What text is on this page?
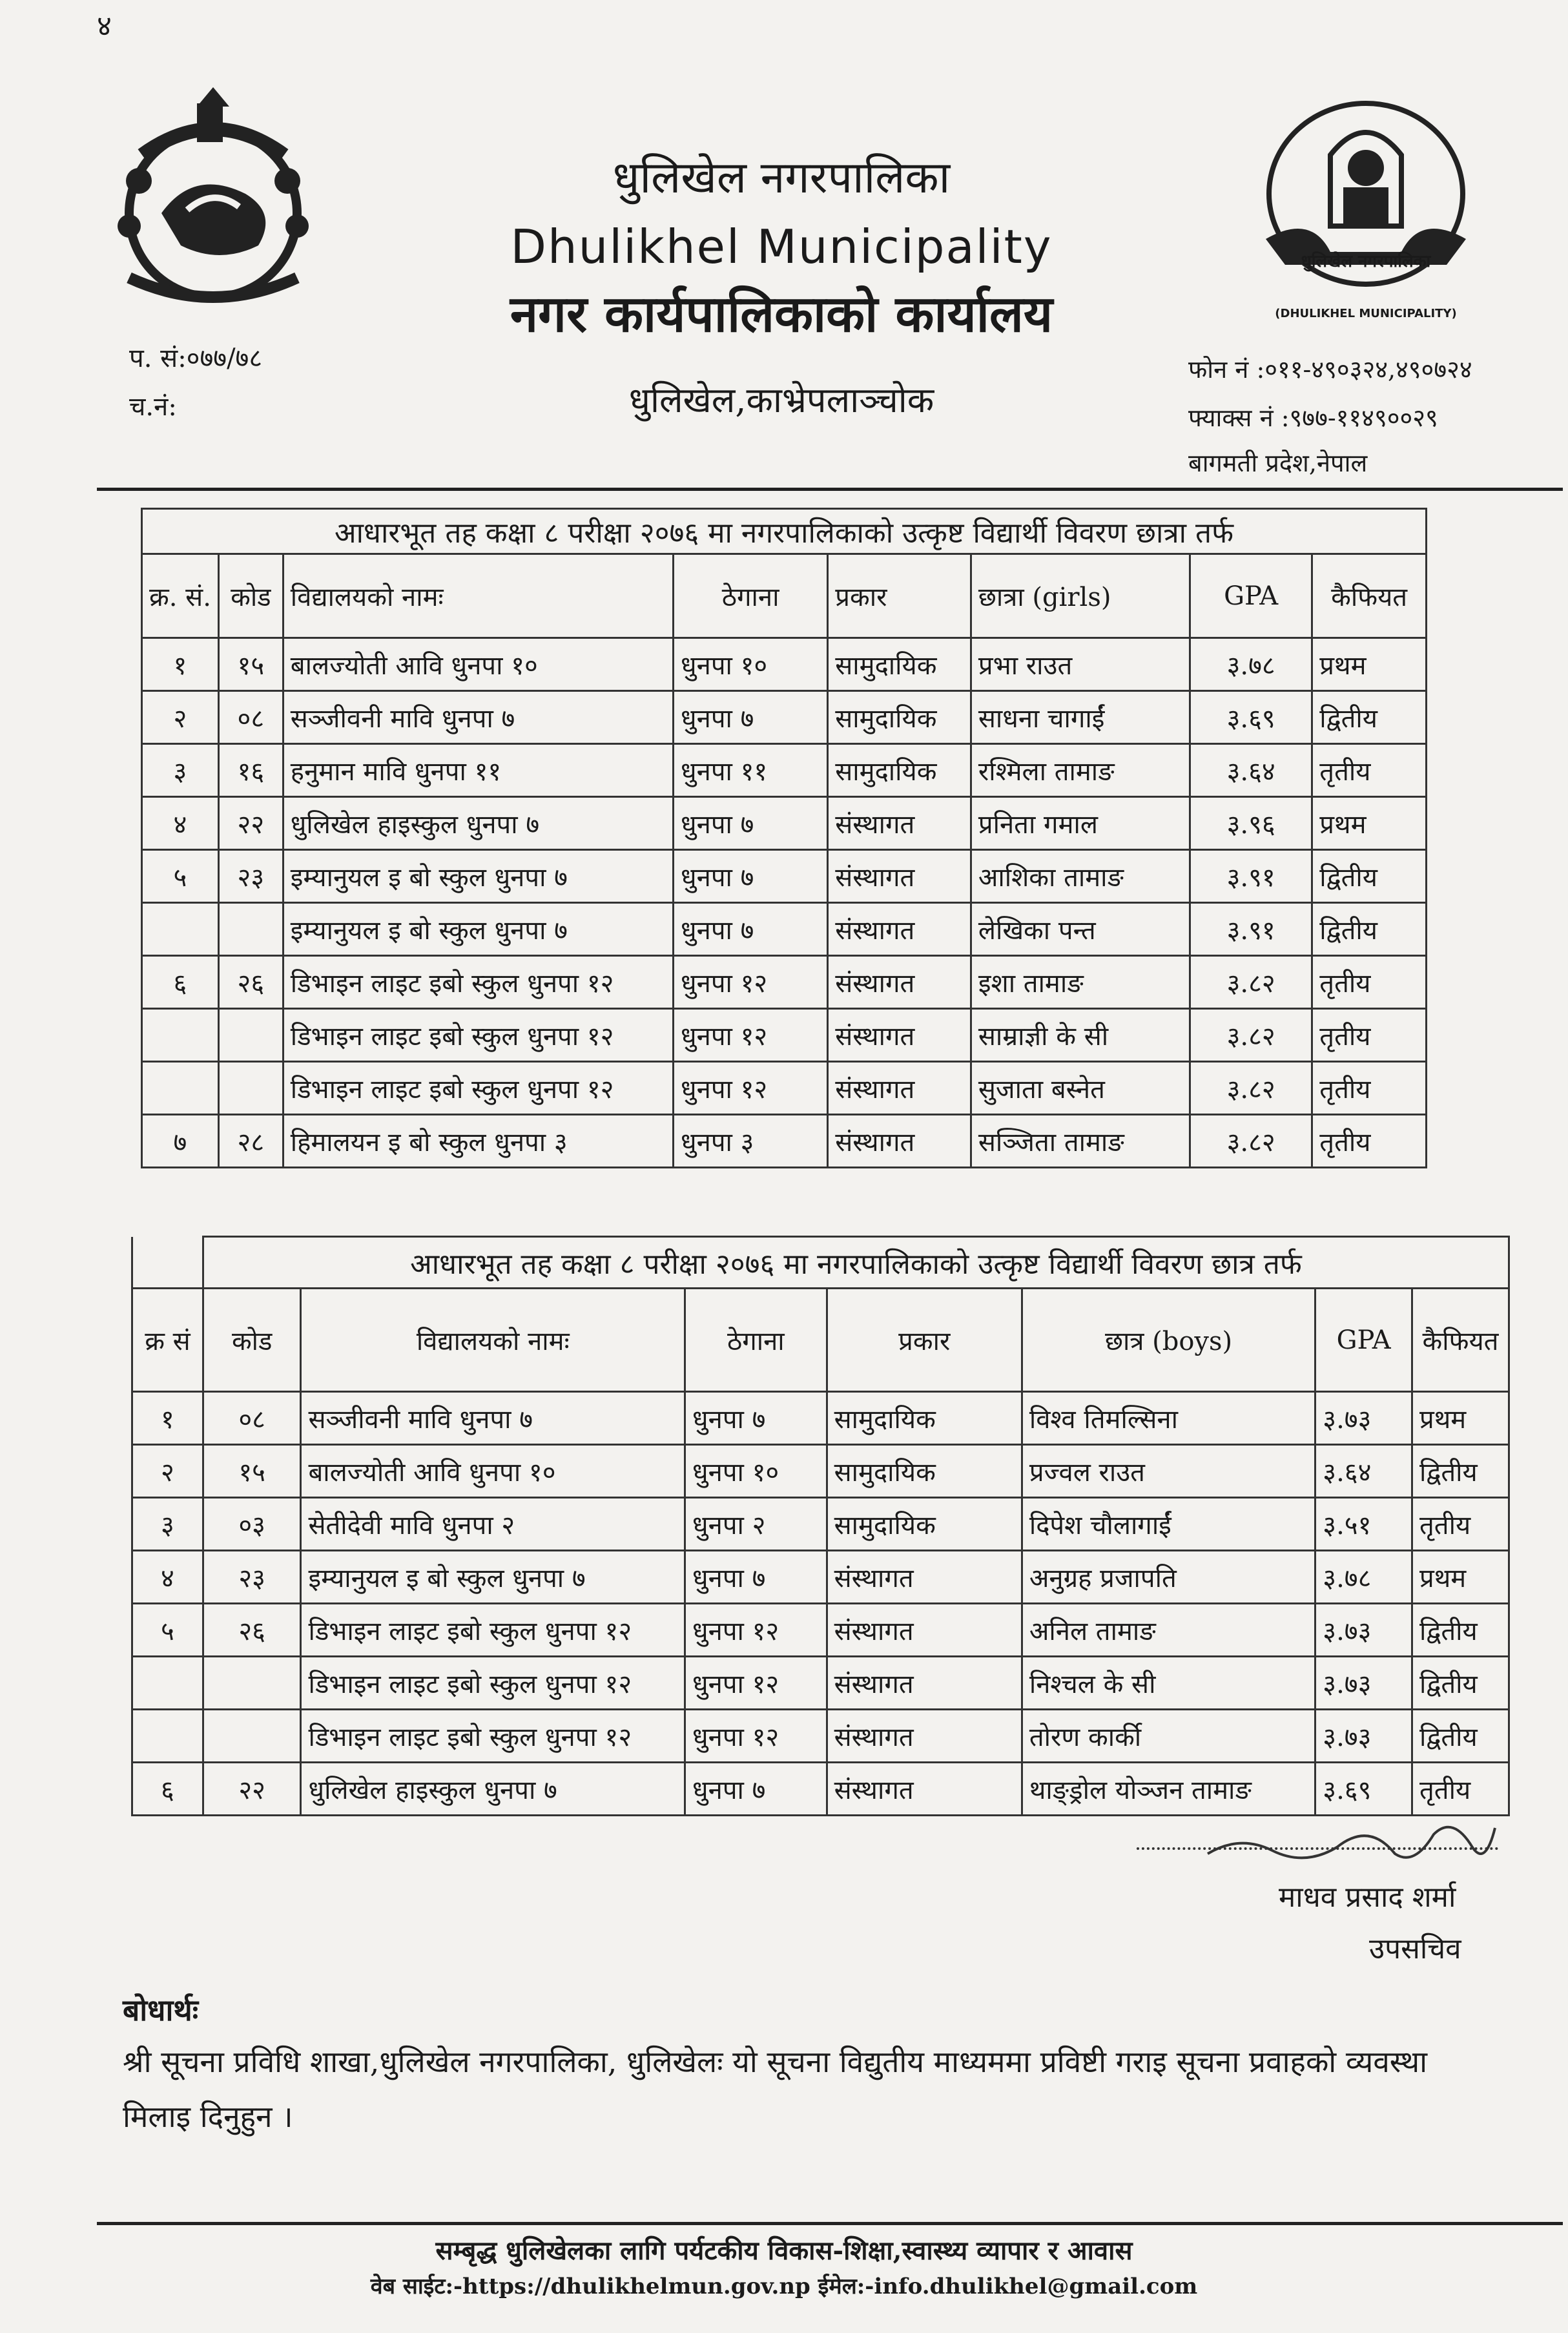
४
धुलिखेल नगरपालिका
(DHULIKHEL MUNICIPALITY)
धुलिखेल नगरपालिका
Dhulikhel Municipality
नगर कार्यपालिकाको कार्यालय
धुलिखेल,काभ्रेपलाञ्चोक
प. सं:०७७/७८
च.नं:
फोन नं :०११-४९०३२४,४९०७२४
फ्याक्स नं :९७७-११४९००२९
बागमती प्रदेश,नेपाल
आधारभूत तह कक्षा ८ परीक्षा २०७६ मा नगरपालिकाको उत्कृष्ट विद्यार्थी विवरण छात्रा तर्फ							
क्र. सं.	कोड	विद्यालयको नामः	ठेगाना	प्रकार	छात्रा (girls)	GPA	कैफियत
१	१५	बालज्योती आवि धुनपा १०	धुनपा १०	सामुदायिक	प्रभा राउत	३.७८	प्रथम
२	०८	सञ्जीवनी मावि धुनपा ७	धुनपा ७	सामुदायिक	साधना चागाईं	३.६९	द्वितीय
३	१६	हनुमान मावि धुनपा ११	धुनपा ११	सामुदायिक	रश्मिला तामाङ	३.६४	तृतीय
४	२२	धुलिखेल हाइस्कुल धुनपा ७	धुनपा ७	संस्थागत	प्रनिता गमाल	३.९६	प्रथम
५	२३	इम्यानुयल इ बो स्कुल धुनपा ७	धुनपा ७	संस्थागत	आशिका तामाङ	३.९१	द्वितीय
		इम्यानुयल इ बो स्कुल धुनपा ७	धुनपा ७	संस्थागत	लेखिका पन्त	३.९१	द्वितीय
६	२६	डिभाइन लाइट इबो स्कुल धुनपा १२	धुनपा १२	संस्थागत	इशा तामाङ	३.८२	तृतीय
		डिभाइन लाइट इबो स्कुल धुनपा १२	धुनपा १२	संस्थागत	साम्राज्ञी के सी	३.८२	तृतीय
		डिभाइन लाइट इबो स्कुल धुनपा १२	धुनपा १२	संस्थागत	सुजाता बस्नेत	३.८२	तृतीय
७	२८	हिमालयन इ बो स्कुल धुनपा ३	धुनपा ३	संस्थागत	सञ्जिता तामाङ	३.८२	तृतीय
	आधारभूत तह कक्षा ८ परीक्षा २०७६ मा नगरपालिकाको उत्कृष्ट विद्यार्थी विवरण छात्र तर्फ						
क्र सं	कोड	विद्यालयको नामः	ठेगाना	प्रकार	छात्र (boys)	GPA	कैफियत
१	०८	सञ्जीवनी मावि धुनपा ७	धुनपा ७	सामुदायिक	विश्व तिमल्सिना	३.७३	प्रथम
२	१५	बालज्योती आवि धुनपा १०	धुनपा १०	सामुदायिक	प्रज्वल राउत	३.६४	द्वितीय
३	०३	सेतीदेवी मावि धुनपा २	धुनपा २	सामुदायिक	दिपेश चौलागाईं	३.५१	तृतीय
४	२३	इम्यानुयल इ बो स्कुल धुनपा ७	धुनपा ७	संस्थागत	अनुग्रह प्रजापति	३.७८	प्रथम
५	२६	डिभाइन लाइट इबो स्कुल धुनपा १२	धुनपा १२	संस्थागत	अनिल तामाङ	३.७३	द्वितीय
		डिभाइन लाइट इबो स्कुल धुनपा १२	धुनपा १२	संस्थागत	निश्चल के सी	३.७३	द्वितीय
		डिभाइन लाइट इबो स्कुल धुनपा १२	धुनपा १२	संस्थागत	तोरण कार्की	३.७३	द्वितीय
६	२२	धुलिखेल हाइस्कुल धुनपा ७	धुनपा ७	संस्थागत	थाङ्ड्रोल योञ्जन तामाङ	३.६९	तृतीय
माधव प्रसाद शर्मा
उपसचिव
बोधार्थः
श्री सूचना प्रविधि शाखा,धुलिखेल नगरपालिका, धुलिखेलः यो सूचना विद्युतीय माध्यममा प्रविष्टी गराइ सूचना प्रवाहको व्यवस्था मिलाइ दिनुहुन ।
सम्बृद्ध धुलिखेलका लागि पर्यटकीय विकास-शिक्षा,स्वास्थ्य व्यापार र आवास
वेब साईट:-https://dhulikhelmun.gov.np ईमेल:-info.dhulikhel@gmail.com
